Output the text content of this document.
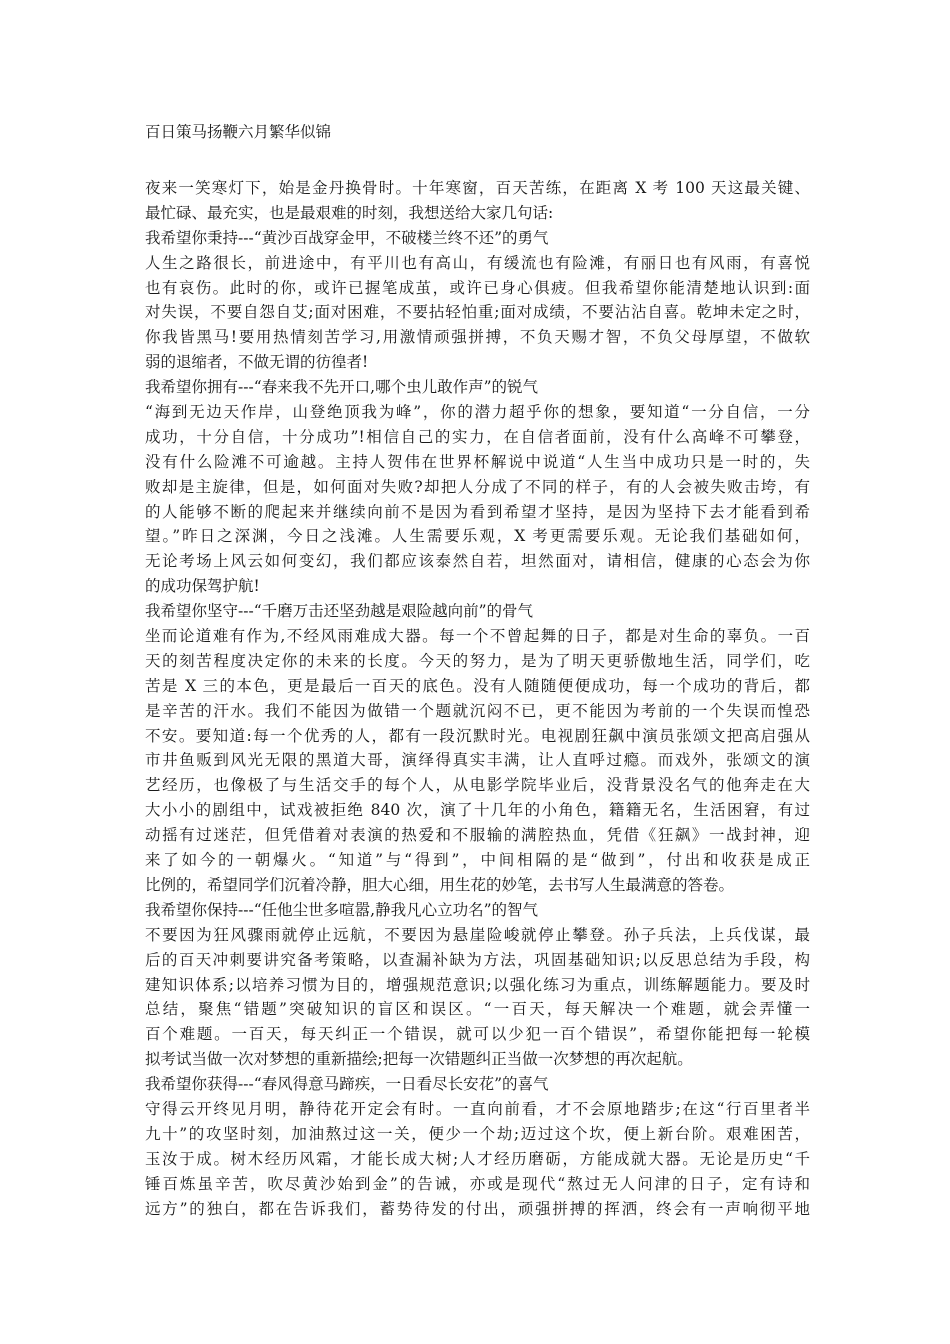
百日策马扬鞭六月繁华似锦
夜来一笑寒灯下，始是金丹换骨时。十年寒窗，百天苦练，在距离 X 考 100 天这最关键、
最忙碌、最充实，也是最艰难的时刻，我想送给大家几句话:
我希望你秉持---“黄沙百战穿金甲，不破楼兰终不还”的勇气
人生之路很长，前进途中，有平川也有高山，有缓流也有险滩，有丽日也有风雨，有喜悦
也有哀伤。此时的你，或许已握笔成茧，或许已身心俱疲。但我希望你能清楚地认识到:面
对失误，不要自怨自艾;面对困难，不要拈轻怕重;面对成绩，不要沾沾自喜。乾坤未定之时，
你我皆黑马!要用热情刻苦学习,用激情顽强拼搏，不负天赐才智，不负父母厚望，不做软
弱的退缩者，不做无谓的彷徨者!
我希望你拥有---“春来我不先开口,哪个虫儿敢作声”的锐气
“海到无边天作岸，山登绝顶我为峰”，你的潜力超乎你的想象，要知道“一分自信，一分
成功，十分自信，十分成功”!相信自己的实力，在自信者面前，没有什么高峰不可攀登，
没有什么险滩不可逾越。主持人贺伟在世界杯解说中说道“人生当中成功只是一时的，失
败却是主旋律，但是，如何面对失败?却把人分成了不同的样子，有的人会被失败击垮，有
的人能够不断的爬起来并继续向前不是因为看到希望才坚持，是因为坚持下去才能看到希
望。”昨日之深渊，今日之浅滩。人生需要乐观，X 考更需要乐观。无论我们基础如何，
无论考场上风云如何变幻，我们都应该泰然自若，坦然面对，请相信，健康的心态会为你
的成功保驾护航!
我希望你坚守---“千磨万击还坚劲越是艰险越向前”的骨气
坐而论道难有作为,不经风雨难成大器。每一个不曾起舞的日子，都是对生命的辜负。一百
天的刻苦程度决定你的未来的长度。今天的努力，是为了明天更骄傲地生活，同学们，吃
苦是 X 三的本色，更是最后一百天的底色。没有人随随便便成功，每一个成功的背后，都
是辛苦的汗水。我们不能因为做错一个题就沉闷不已，更不能因为考前的一个失误而惶恐
不安。要知道:每一个优秀的人，都有一段沉默时光。电视剧狂飙中演员张颂文把高启强从
市井鱼贩到风光无限的黑道大哥，演绎得真实丰满，让人直呼过瘾。而戏外，张颂文的演
艺经历，也像极了与生活交手的每个人，从电影学院毕业后，没背景没名气的他奔走在大
大小小的剧组中，试戏被拒绝 840 次，演了十几年的小角色，籍籍无名，生活困窘，有过
动摇有过迷茫，但凭借着对表演的热爱和不服输的满腔热血，凭借《狂飙》一战封神，迎
来了如今的一朝爆火。“知道”与“得到”，中间相隔的是“做到”，付出和收获是成正
比例的，希望同学们沉着冷静，胆大心细，用生花的妙笔，去书写人生最满意的答卷。
我希望你保持---“任他尘世多喧嚣,静我凡心立功名”的智气
不要因为狂风骤雨就停止远航，不要因为悬崖险峻就停止攀登。孙子兵法，上兵伐谋，最
后的百天冲刺要讲究备考策略，以查漏补缺为方法，巩固基础知识;以反思总结为手段，构
建知识体系;以培养习惯为目的，增强规范意识;以强化练习为重点，训练解题能力。要及时
总结，聚焦“错题”突破知识的盲区和误区。“一百天，每天解决一个难题，就会弄懂一
百个难题。一百天，每天纠正一个错误，就可以少犯一百个错误”，希望你能把每一轮模
拟考试当做一次对梦想的重新描绘;把每一次错题纠正当做一次梦想的再次起航。
我希望你获得---“春风得意马蹄疾，一日看尽长安花”的喜气
守得云开终见月明，静待花开定会有时。一直向前看，才不会原地踏步;在这“行百里者半
九十”的攻坚时刻，加油熬过这一关，便少一个劫;迈过这个坎，便上新台阶。艰难困苦，
玉汝于成。树木经历风霜，才能长成大树;人才经历磨砺，方能成就大器。无论是历史“千
锤百炼虽辛苦，吹尽黄沙始到金”的告诫，亦或是现代“熬过无人问津的日子，定有诗和
远方”的独白，都在告诉我们，蓄势待发的付出，顽强拼搏的挥洒，终会有一声响彻平地
